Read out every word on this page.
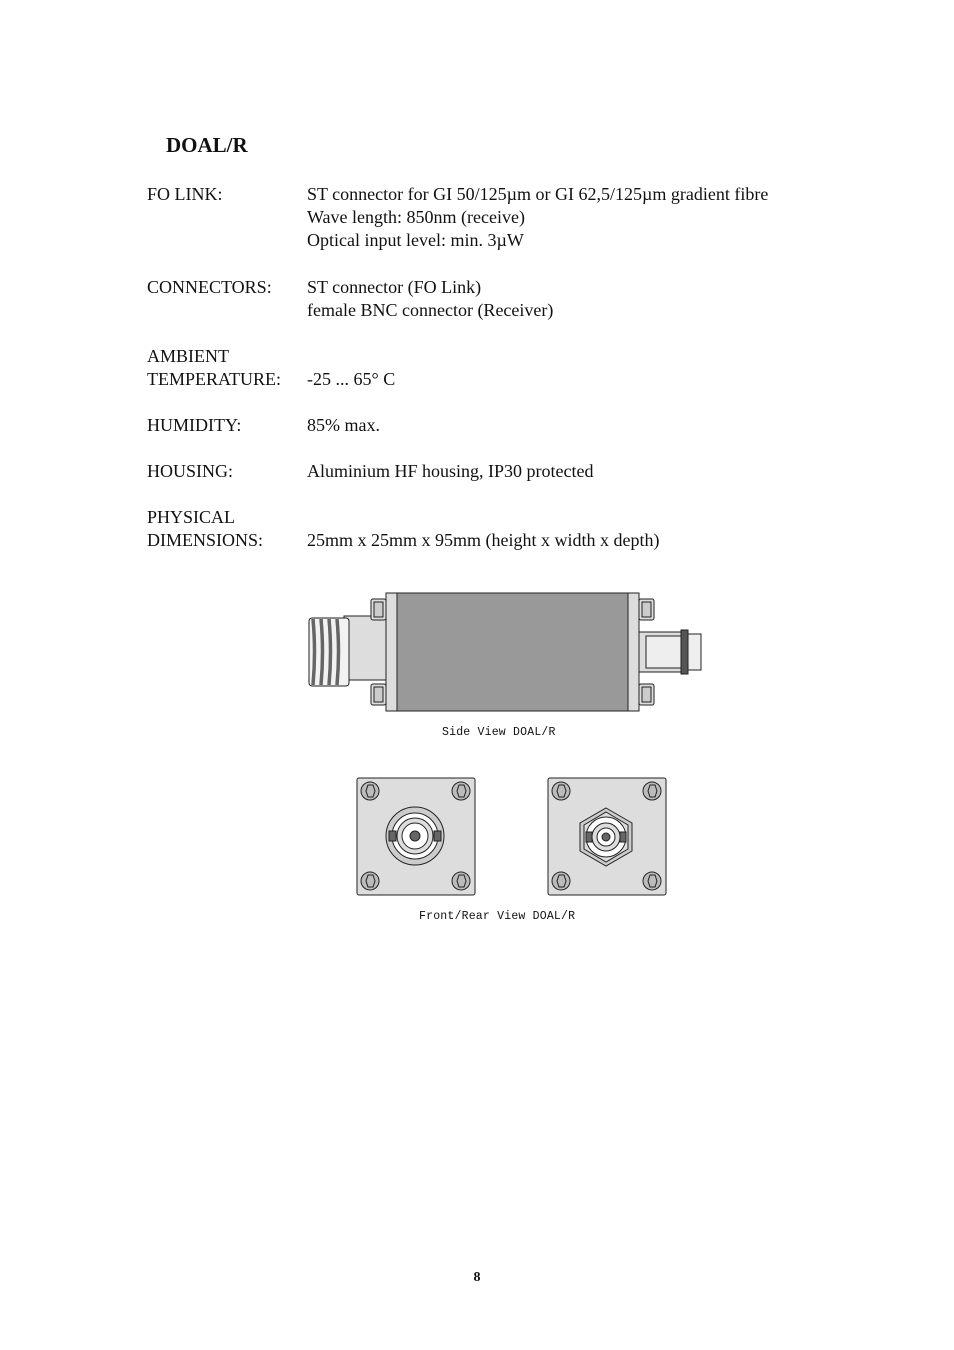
DOAL/R
FO LINK:	ST connector for GI 50/125µm or GI 62,5/125µm gradient fibre
Wave length: 850nm (receive)
Optical input level: min. 3µW
CONNECTORS:	ST connector (FO Link)
female BNC connector (Receiver)
AMBIENT
TEMPERATURE:	-25 ... 65° C
HUMIDITY:	85% max.
HOUSING:	Aluminium HF housing, IP30 protected
PHYSICAL
DIMENSIONS:	25mm x 25mm x 95mm (height x width x depth)
Side View DOAL/R
Front/Rear View DOAL/R
8
